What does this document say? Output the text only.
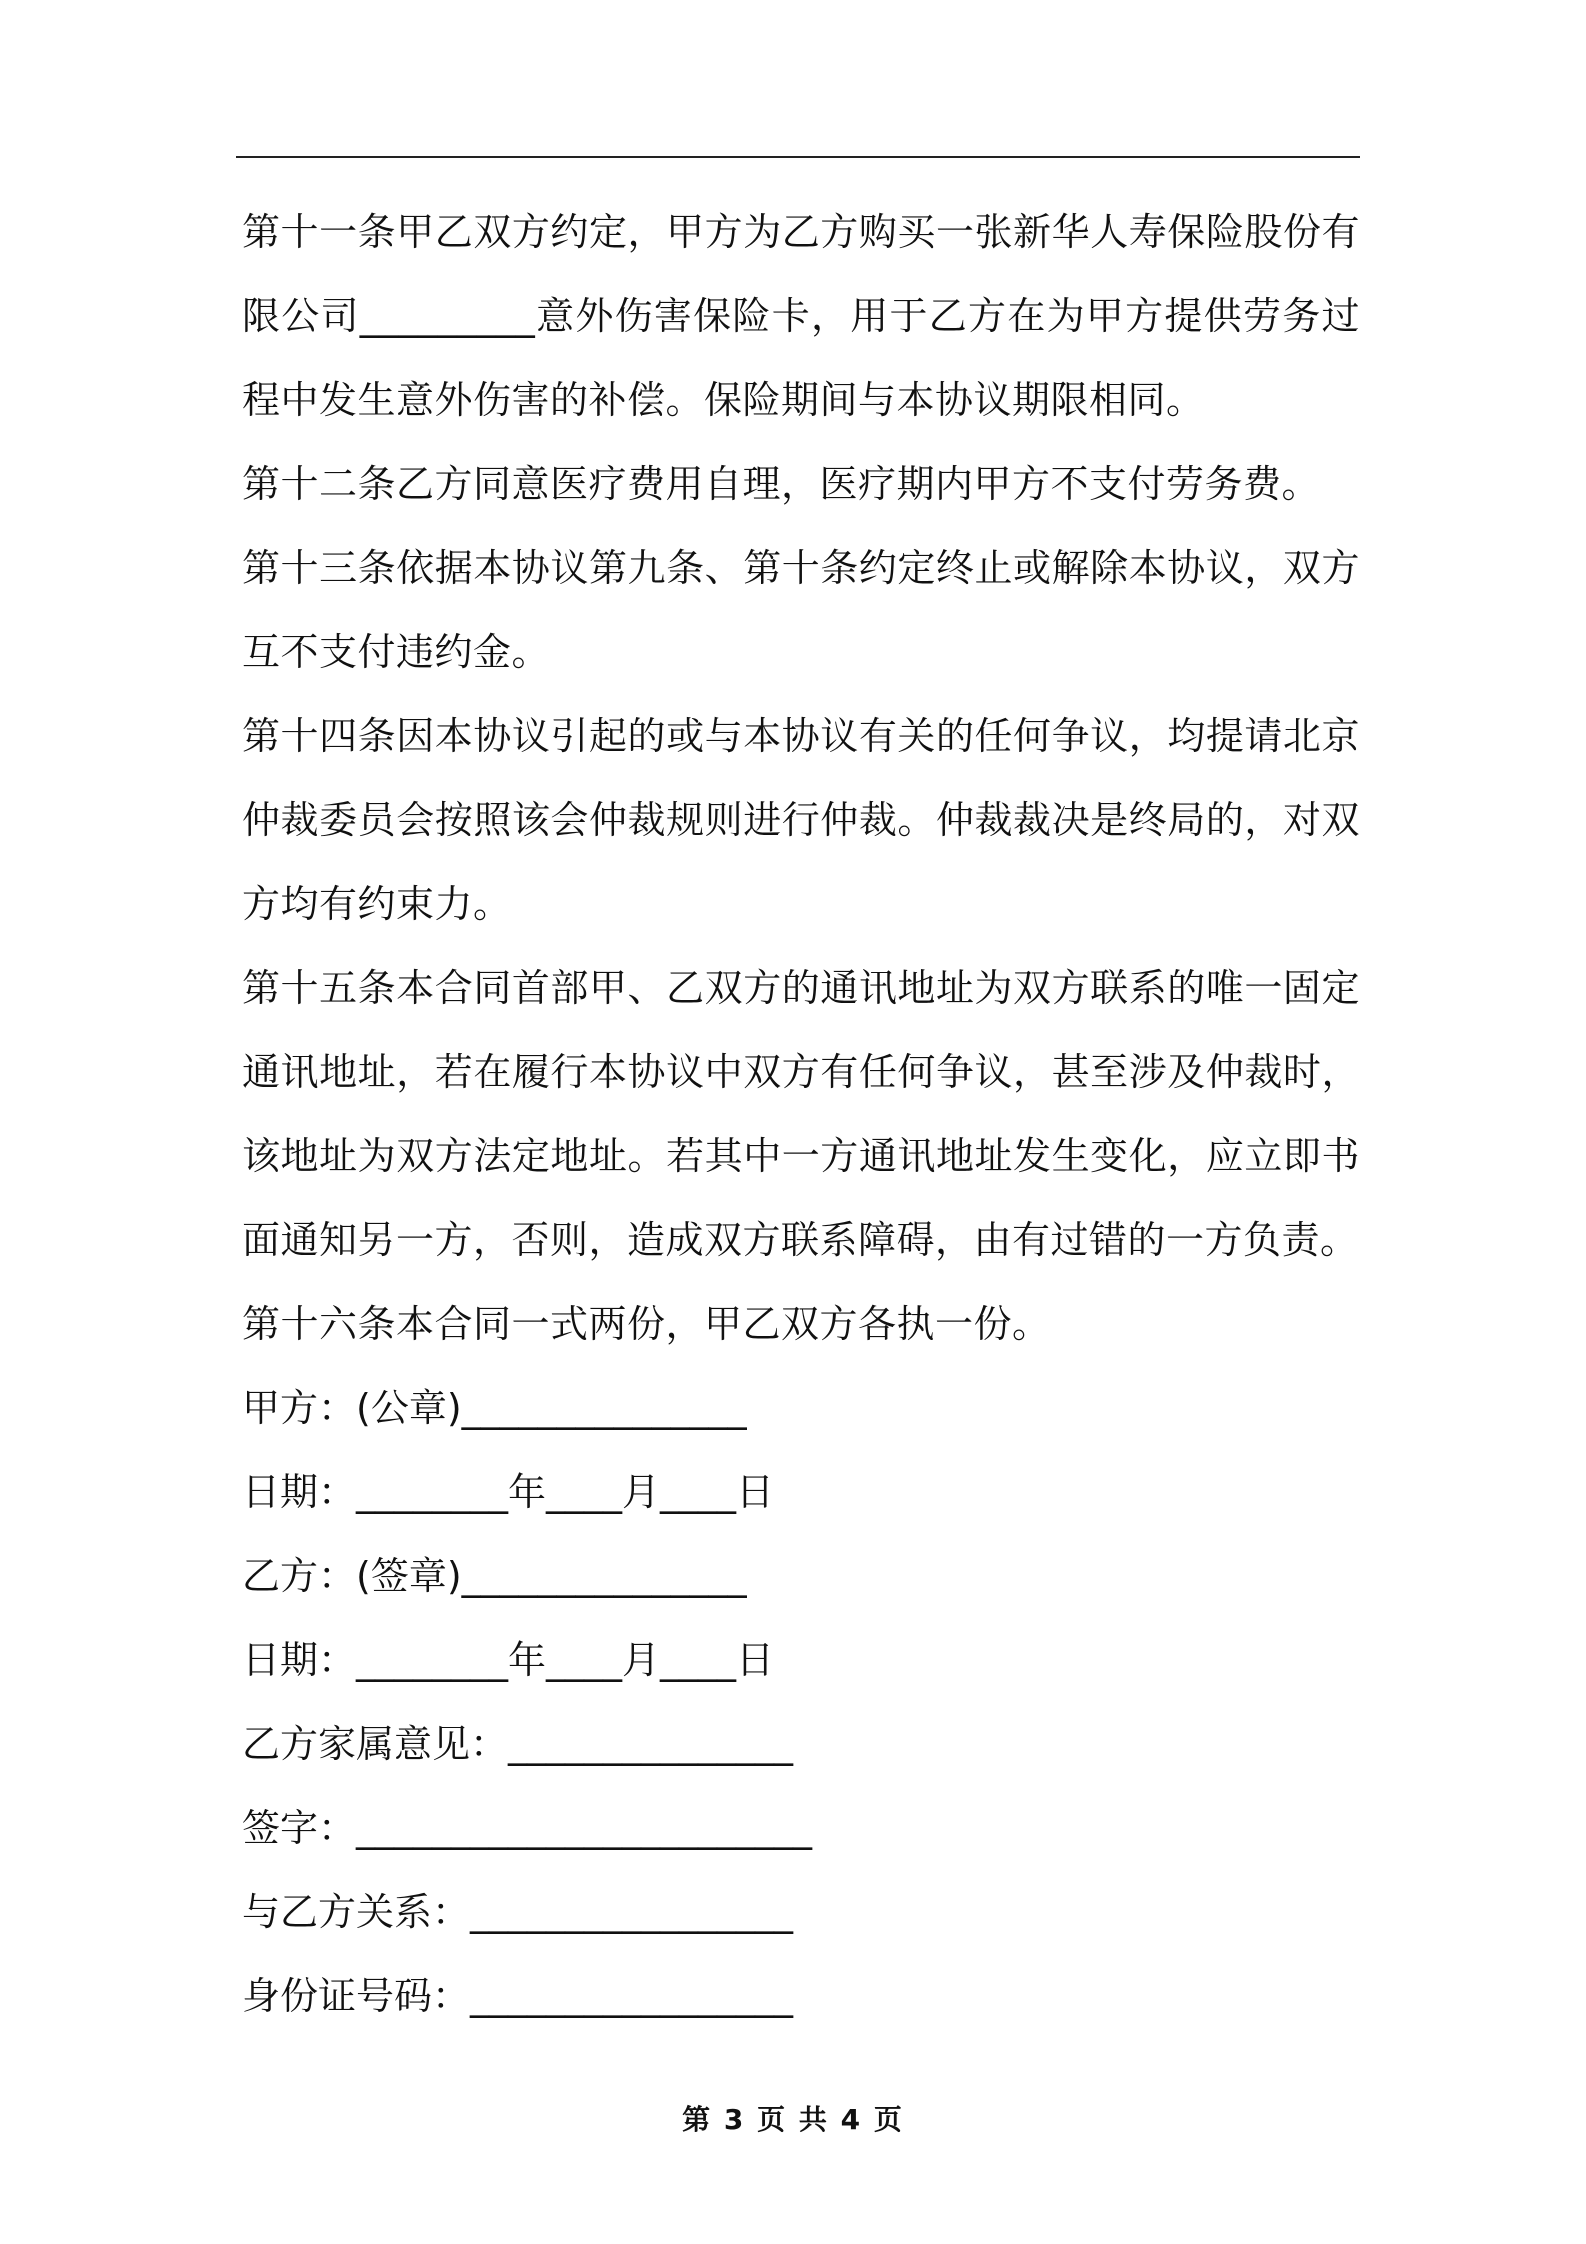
第十一条甲乙双方约定，甲方为乙方购买一张新华人寿保险股份有限公司_________意外伤害保险卡，用于乙方在为甲方提供劳务过程中发生意外伤害的补偿。保险期间与本协议期限相同。

第十二条乙方同意医疗费用自理，医疗期内甲方不支付劳务费。

第十三条依据本协议第九条、第十条约定终止或解除本协议，双方互不支付违约金。

第十四条因本协议引起的或与本协议有关的任何争议，均提请北京仲裁委员会按照该会仲裁规则进行仲裁。仲裁裁决是终局的，对双方均有约束力。

第十五条本合同首部甲、乙双方的通讯地址为双方联系的唯一固定通讯地址，若在履行本协议中双方有任何争议，甚至涉及仲裁时，该地址为双方法定地址。若其中一方通讯地址发生变化，应立即书面通知另一方，否则，造成双方联系障碍，由有过错的一方负责。

第十六条本合同一式两份，甲乙双方各执一份。

甲方：(公章)_______________

日期：________年____月____日

乙方：(签章)_______________

日期：________年____月____日

乙方家属意见：_______________

签字：________________________

与乙方关系：_________________

身份证号码：_________________

第 3 页 共 4 页
